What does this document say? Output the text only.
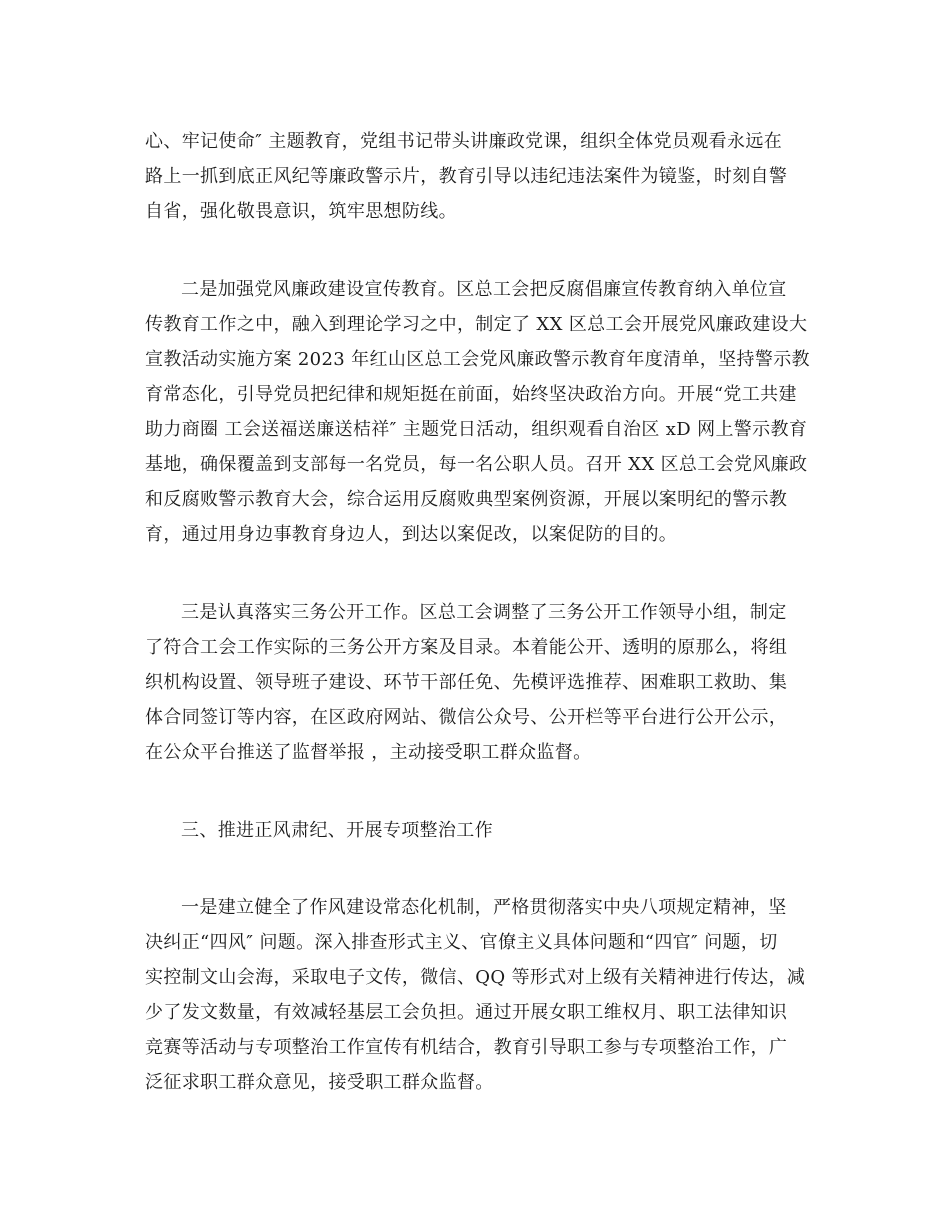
心、牢记使命″ 主题教育，党组书记带头讲廉政党课，组织全体党员观看永远在

路上一抓到底正风纪等廉政警示片，教育引导以违纪违法案件为镜鉴，时刻自警

自省，强化敬畏意识，筑牢思想防线。

二是加强党风廉政建设宣传教育。区总工会把反腐倡廉宣传教育纳入单位宣

传教育工作之中，融入到理论学习之中，制定了 XX 区总工会开展党风廉政建设大

宣教活动实施方案 2023 年红山区总工会党风廉政警示教育年度清单，坚持警示教

育常态化，引导党员把纪律和规矩挺在前面，始终坚决政治方向。开展“党工共建

助力商圈 工会送福送廉送桔祥″ 主题党日活动，组织观看自治区 xD 网上警示教育

基地，确保覆盖到支部每一名党员，每一名公职人员。召开 XX 区总工会党风廉政

和反腐败警示教育大会，综合运用反腐败典型案例资源，开展以案明纪的警示教

育，通过用身边事教育身边人，到达以案促改，以案促防的目的。

三是认真落实三务公开工作。区总工会调整了三务公开工作领导小组，制定

了符合工会工作实际的三务公开方案及目录。本着能公开、透明的原那么，将组

织机构设置、领导班子建设、环节干部任免、先模评选推荐、困难职工救助、集

体合同签订等内容，在区政府网站、微信公众号、公开栏等平台进行公开公示，

在公众平台推送了监督举报 ，主动接受职工群众监督。

三、推进正风肃纪、开展专项整治工作

一是建立健全了作风建设常态化机制，严格贯彻落实中央八项规定精神，坚

决纠正“四风″ 问题。深入排查形式主义、官僚主义具体问题和“四官″ 问题，切

实控制文山会海，采取电子文传，微信、QQ 等形式对上级有关精神进行传达，减

少了发文数量，有效减轻基层工会负担。通过开展女职工维权月、职工法律知识

竞赛等活动与专项整治工作宣传有机结合，教育引导职工参与专项整治工作，广

泛征求职工群众意见，接受职工群众监督。
